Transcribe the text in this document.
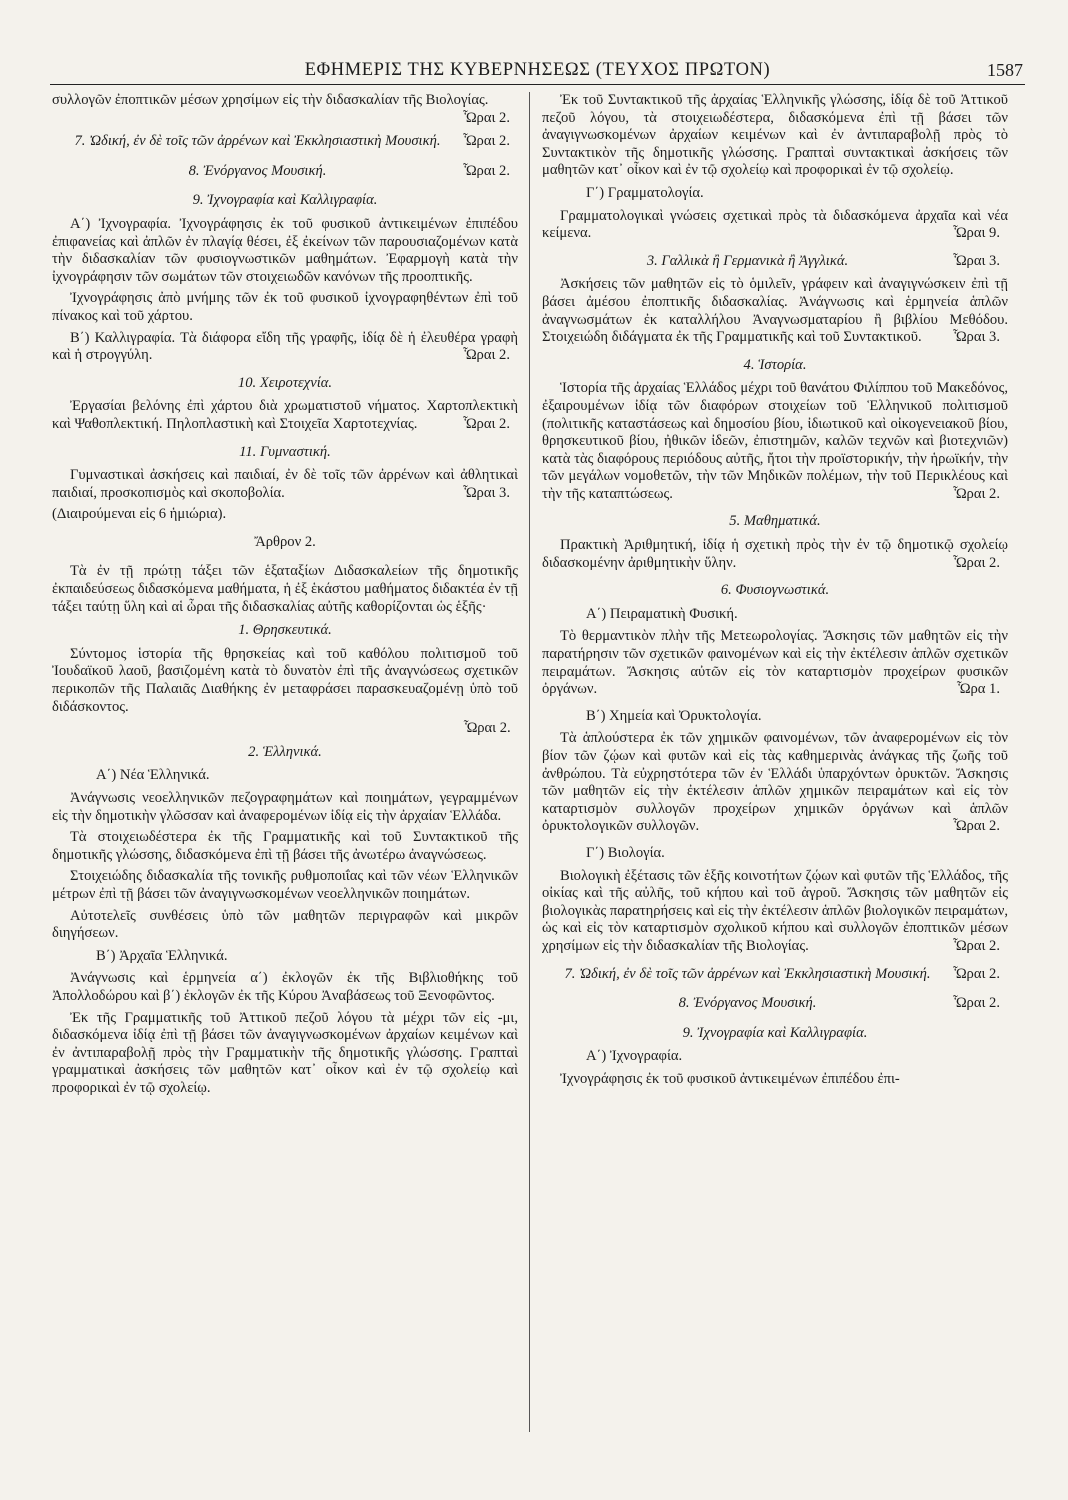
ΕΦΗΜΕΡΙΣ ΤΗΣ ΚΥΒΕΡΝΗΣΕΩΣ (ΤΕΥΧΟΣ ΠΡΩΤΟΝ)	1587

συλλογῶν ἐποπτικῶν μέσων χρησίμων εἰς τὴν διδασκαλίαν τῆς Βιολογίας.
Ὧραι 2.

7. Ὠδική, ἐν δὲ τοῖς τῶν ἀρρένων καὶ Ἐκκλησιαστικὴ Μουσική. Ὧραι 2.
8. Ἐνόργανος Μουσική.	Ὧραι 2.
9. Ἰχνογραφία καὶ Καλλιγραφία.

Α΄) Ἰχνογραφία. Ἰχνογράφησις ἐκ τοῦ φυσικοῦ ἀντικειμένων ἐπιπέδου ἐπιφανείας καὶ ἀπλῶν ἐν πλαγίᾳ θέσει, ἐξ ἐκείνων τῶν παρουσιαζομένων κατὰ τὴν διδασκαλίαν τῶν φυσιογνωστικῶν μαθημάτων. Ἐφαρμογὴ κατὰ τὴν ἰχνογράφησιν τῶν σωμάτων τῶν στοιχειωδῶν κανόνων τῆς προοπτικῆς.

Ἰχνογράφησις ἀπὸ μνήμης τῶν ἐκ τοῦ φυσικοῦ ἰχνογραφηθέντων ἐπὶ τοῦ πίνακος καὶ τοῦ χάρτου.

Β΄) Καλλιγραφία. Τὰ διάφορα εἴδη τῆς γραφῆς, ἰδίᾳ δὲ ἡ ἐλευθέρα γραφὴ καὶ ἡ στρογγύλη.	Ὧραι 2.

10. Χειροτεχνία.

Ἐργασίαι βελόνης ἐπὶ χάρτου διὰ χρωματιστοῦ νήματος. Χαρτοπλεκτικὴ καὶ Ψαθοπλεκτική. Πηλοπλαστικὴ καὶ Στοιχεῖα Χαρτοτεχνίας.	Ὧραι 2.

11. Γυμναστική.

Γυμναστικαὶ ἀσκήσεις καὶ παιδιαί, ἐν δὲ τοῖς τῶν ἀρρένων καὶ ἀθλητικαὶ παιδιαί, προσκοπισμὸς καὶ σκοποβολία.	Ὧραι 3.

(Διαιρούμεναι εἰς 6 ἡμιώρια).

Ἄρθρον 2.

Τὰ ἐν τῇ πρώτῃ τάξει τῶν ἑξαταξίων Διδασκαλείων τῆς δημοτικῆς ἐκπαιδεύσεως διδασκόμενα μαθήματα, ἡ ἐξ ἑκάστου μαθήματος διδακτέα ἐν τῇ τάξει ταύτῃ ὕλη καὶ αἱ ὧραι τῆς διδασκαλίας αὐτῆς καθορίζονται ὡς ἑξῆς·

1. Θρησκευτικά.

Σύντομος ἱστορία τῆς θρησκείας καὶ τοῦ καθόλου πολιτισμοῦ τοῦ Ἰουδαϊκοῦ λαοῦ, βασιζομένη κατὰ τὸ δυνατὸν ἐπὶ τῆς ἀναγνώσεως σχετικῶν περικοπῶν τῆς Παλαιᾶς Διαθήκης ἐν μεταφράσει παρασκευαζομένῃ ὑπὸ τοῦ διδάσκοντος.

Ὧραι 2.

2. Ἑλληνικά.
Α΄) Νέα Ἑλληνικά.

Ἀνάγνωσις νεοελληνικῶν πεζογραφημάτων καὶ ποιημάτων, γεγραμμένων εἰς τὴν δημοτικὴν γλῶσσαν καὶ ἀναφερομένων ἰδίᾳ εἰς τὴν ἀρχαίαν Ἑλλάδα.

Τὰ στοιχειωδέστερα ἐκ τῆς Γραμματικῆς καὶ τοῦ Συντακτικοῦ τῆς δημοτικῆς γλώσσης, διδασκόμενα ἐπὶ τῇ βάσει τῆς ἀνωτέρω ἀναγνώσεως.

Στοιχειώδης διδασκαλία τῆς τονικῆς ρυθμοποιΐας καὶ τῶν νέων Ἑλληνικῶν μέτρων ἐπὶ τῇ βάσει τῶν ἀναγιγνωσκομένων νεοελληνικῶν ποιημάτων.

Αὐτοτελεῖς συνθέσεις ὑπὸ τῶν μαθητῶν περιγραφῶν καὶ μικρῶν διηγήσεων.

Β΄) Ἀρχαῖα Ἑλληνικά.

Ἀνάγνωσις καὶ ἑρμηνεία α΄) ἐκλογῶν ἐκ τῆς Βιβλιοθήκης τοῦ Ἀπολλοδώρου καὶ β΄) ἐκλογῶν ἐκ τῆς Κύρου Ἀναβάσεως τοῦ Ξενοφῶντος.

Ἐκ τῆς Γραμματικῆς τοῦ Ἀττικοῦ πεζοῦ λόγου τὰ μέχρι τῶν εἰς -μι, διδασκόμενα ἰδίᾳ ἐπὶ τῇ βάσει τῶν ἀναγιγνωσκομένων ἀρχαίων κειμένων καὶ ἐν ἀντιπαραβολῇ πρὸς τὴν Γραμματικὴν τῆς δημοτικῆς γλώσσης. Γραπταὶ γραμματικαὶ ἀσκήσεις τῶν μαθητῶν κατ᾿ οἶκον καὶ ἐν τῷ σχολείῳ καὶ προφορικαὶ ἐν τῷ σχολείῳ.

Ἐκ τοῦ Συντακτικοῦ τῆς ἀρχαίας Ἑλληνικῆς γλώσσης, ἰδίᾳ δὲ τοῦ Ἀττικοῦ πεζοῦ λόγου, τὰ στοιχειωδέστερα, διδασκόμενα ἐπὶ τῇ βάσει τῶν ἀναγιγνωσκομένων ἀρχαίων κειμένων καὶ ἐν ἀντιπαραβολῇ πρὸς τὸ Συντακτικὸν τῆς δημοτικῆς γλώσσης. Γραπταὶ συντακτικαὶ ἀσκήσεις τῶν μαθητῶν κατ᾿ οἶκον καὶ ἐν τῷ σχολείῳ καὶ προφορικαὶ ἐν τῷ σχολείῳ.

Γ΄) Γραμματολογία.

Γραμματολογικαὶ γνώσεις σχετικαὶ πρὸς τὰ διδασκόμενα ἀρχαῖα καὶ νέα κείμενα.	Ὧραι 9.

3. Γαλλικὰ ἢ Γερμανικὰ ἢ Ἀγγλικά.	Ὧραι 3.

Ἀσκήσεις τῶν μαθητῶν εἰς τὸ ὁμιλεῖν, γράφειν καὶ ἀναγιγνώσκειν ἐπὶ τῇ βάσει ἀμέσου ἐποπτικῆς διδασκαλίας. Ἀνάγνωσις καὶ ἑρμηνεία ἁπλῶν ἀναγνωσμάτων ἐκ καταλλήλου Ἀναγνωσματαρίου ἢ βιβλίου Μεθόδου. Στοιχειώδη διδάγματα ἐκ τῆς Γραμματικῆς καὶ τοῦ Συντακτικοῦ.	Ὧραι 3.

4. Ἱστορία.

Ἱστορία τῆς ἀρχαίας Ἑλλάδος μέχρι τοῦ θανάτου Φιλίππου τοῦ Μακεδόνος, ἐξαιρουμένων ἰδίᾳ τῶν διαφόρων στοιχείων τοῦ Ἑλληνικοῦ πολιτισμοῦ (πολιτικῆς καταστάσεως καὶ δημοσίου βίου, ἰδιωτικοῦ καὶ οἰκογενειακοῦ βίου, θρησκευτικοῦ βίου, ἠθικῶν ἰδεῶν, ἐπιστημῶν, καλῶν τεχνῶν καὶ βιοτεχνιῶν) κατὰ τὰς διαφόρους περιόδους αὐτῆς, ἤτοι τὴν προϊστορικήν, τὴν ἡρωϊκήν, τὴν τῶν μεγάλων νομοθετῶν, τὴν τῶν Μηδικῶν πολέμων, τὴν τοῦ Περικλέους καὶ τὴν τῆς καταπτώσεως.	Ὧραι 2.

5. Μαθηματικά.

Πρακτικὴ Ἀριθμητική, ἰδίᾳ ἡ σχετικὴ πρὸς τὴν ἐν τῷ δημοτικῷ σχολείῳ διδασκομένην ἀριθμητικὴν ὕλην.	Ὧραι 2.

6. Φυσιογνωστικά.
Α΄) Πειραματικὴ Φυσική.

Τὸ θερμαντικὸν πλὴν τῆς Μετεωρολογίας. Ἄσκησις τῶν μαθητῶν εἰς τὴν παρατήρησιν τῶν σχετικῶν φαινομένων καὶ εἰς τὴν ἐκτέλεσιν ἁπλῶν σχετικῶν πειραμάτων. Ἄσκησις αὐτῶν εἰς τὸν καταρτισμὸν προχείρων φυσικῶν ὀργάνων.	Ὧρα 1.

Β΄) Χημεία καὶ Ὀρυκτολογία.

Τὰ ἁπλούστερα ἐκ τῶν χημικῶν φαινομένων, τῶν ἀναφερομένων εἰς τὸν βίον τῶν ζῴων καὶ φυτῶν καὶ εἰς τὰς καθημερινὰς ἀνάγκας τῆς ζωῆς τοῦ ἀνθρώπου. Τὰ εὐχρηστότερα τῶν ἐν Ἑλλάδι ὑπαρχόντων ὀρυκτῶν. Ἄσκησις τῶν μαθητῶν εἰς τὴν ἐκτέλεσιν ἁπλῶν χημικῶν πειραμάτων καὶ εἰς τὸν καταρτισμὸν συλλογῶν προχείρων χημικῶν ὀργάνων καὶ ἁπλῶν ὀρυκτολογικῶν συλλογῶν.	Ὧραι 2.

Γ΄) Βιολογία.

Βιολογικὴ ἐξέτασις τῶν ἑξῆς κοινοτήτων ζῴων καὶ φυτῶν τῆς Ἑλλάδος, τῆς οἰκίας καὶ τῆς αὐλῆς, τοῦ κήπου καὶ τοῦ ἀγροῦ. Ἄσκησις τῶν μαθητῶν εἰς βιολογικὰς παρατηρήσεις καὶ εἰς τὴν ἐκτέλεσιν ἁπλῶν βιολογικῶν πειραμάτων, ὡς καὶ εἰς τὸν καταρτισμὸν σχολικοῦ κήπου καὶ συλλογῶν ἐποπτικῶν μέσων χρησίμων εἰς τὴν διδασκαλίαν τῆς Βιολογίας.	Ὧραι 2.

7. Ὠδική, ἐν δὲ τοῖς τῶν ἀρρένων καὶ Ἐκκλησιαστικὴ Μουσική. Ὧραι 2.
8. Ἐνόργανος Μουσική.	Ὧραι 2.
9. Ἰχνογραφία καὶ Καλλιγραφία.
Α΄) Ἰχνογραφία.

Ἰχνογράφησις ἐκ τοῦ φυσικοῦ ἀντικειμένων ἐπιπέδου ἐπι-
